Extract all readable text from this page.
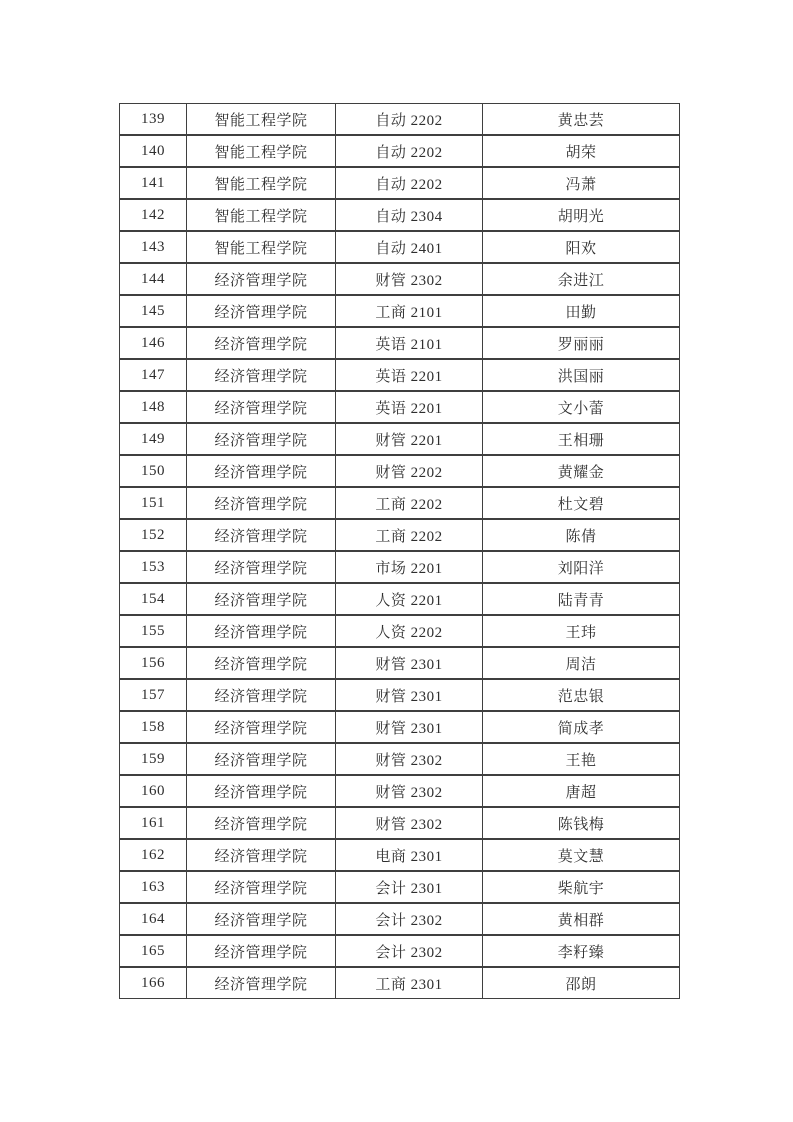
139	智能工程学院	自动 2202	黄忠芸
140	智能工程学院	自动 2202	胡荣
141	智能工程学院	自动 2202	冯萧
142	智能工程学院	自动 2304	胡明光
143	智能工程学院	自动 2401	阳欢
144	经济管理学院	财管 2302	余进江
145	经济管理学院	工商 2101	田勤
146	经济管理学院	英语 2101	罗丽丽
147	经济管理学院	英语 2201	洪国丽
148	经济管理学院	英语 2201	文小蕾
149	经济管理学院	财管 2201	王相珊
150	经济管理学院	财管 2202	黄耀金
151	经济管理学院	工商 2202	杜文碧
152	经济管理学院	工商 2202	陈倩
153	经济管理学院	市场 2201	刘阳洋
154	经济管理学院	人资 2201	陆青青
155	经济管理学院	人资 2202	王玮
156	经济管理学院	财管 2301	周洁
157	经济管理学院	财管 2301	范忠银
158	经济管理学院	财管 2301	简成孝
159	经济管理学院	财管 2302	王艳
160	经济管理学院	财管 2302	唐超
161	经济管理学院	财管 2302	陈钱梅
162	经济管理学院	电商 2301	莫文慧
163	经济管理学院	会计 2301	柴航宇
164	经济管理学院	会计 2302	黄相群
165	经济管理学院	会计 2302	李籽臻
166	经济管理学院	工商 2301	邵朗
